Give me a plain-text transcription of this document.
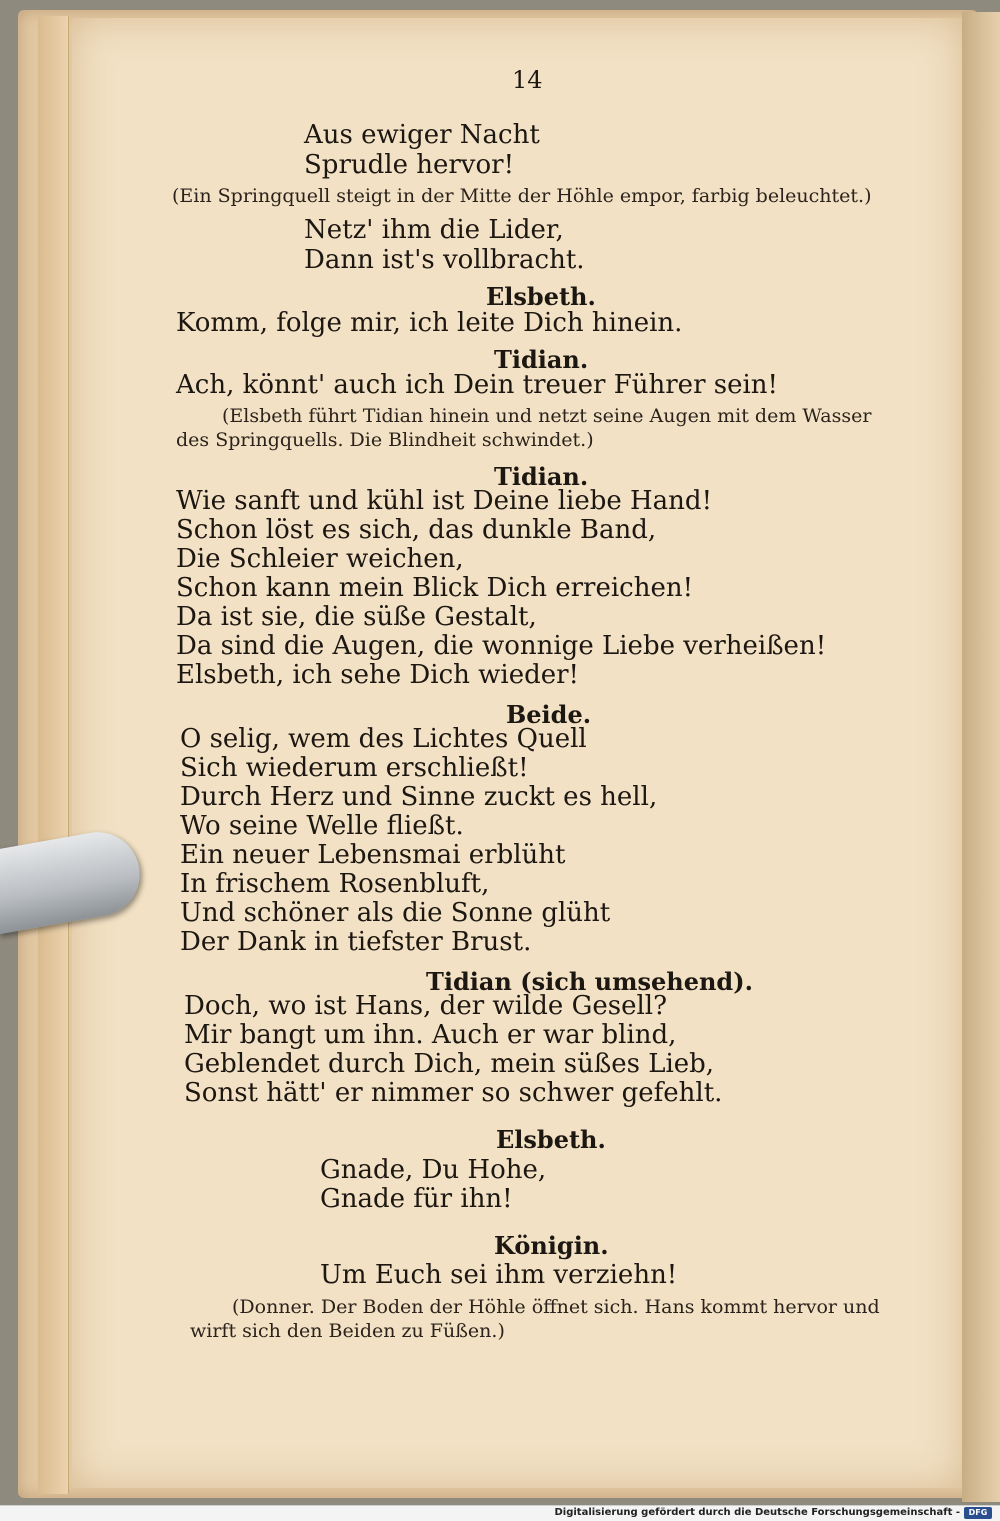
14
Aus ewiger Nacht
Sprudle hervor!
(Ein Springquell steigt in der Mitte der Höhle empor, farbig beleuchtet.)
Netz' ihm die Lider,
Dann ist's vollbracht.
Elsbeth.
Komm, folge mir, ich leite Dich hinein.
Tidian.
Ach, könnt' auch ich Dein treuer Führer sein!
(Elsbeth führt Tidian hinein und netzt seine Augen mit dem Wasser
des Springquells. Die Blindheit schwindet.)
Tidian.
Wie sanft und kühl ist Deine liebe Hand!
Schon löst es sich, das dunkle Band,
Die Schleier weichen,
Schon kann mein Blick Dich erreichen!
Da ist sie, die süße Gestalt,
Da sind die Augen, die wonnige Liebe verheißen!
Elsbeth, ich sehe Dich wieder!
Beide.
O selig, wem des Lichtes Quell
Sich wiederum erschließt!
Durch Herz und Sinne zuckt es hell,
Wo seine Welle fließt.
Ein neuer Lebensmai erblüht
In frischem Rosenbluft,
Und schöner als die Sonne glüht
Der Dank in tiefster Brust.
Tidian (sich umsehend).
Doch, wo ist Hans, der wilde Gesell?
Mir bangt um ihn. Auch er war blind,
Geblendet durch Dich, mein süßes Lieb,
Sonst hätt' er nimmer so schwer gefehlt.
Elsbeth.
Gnade, Du Hohe,
Gnade für ihn!
Königin.
Um Euch sei ihm verziehn!
(Donner. Der Boden der Höhle öffnet sich. Hans kommt hervor und
wirft sich den Beiden zu Füßen.)
Digitalisierung gefördert durch die Deutsche Forschungsgemeinschaft -	DFG
